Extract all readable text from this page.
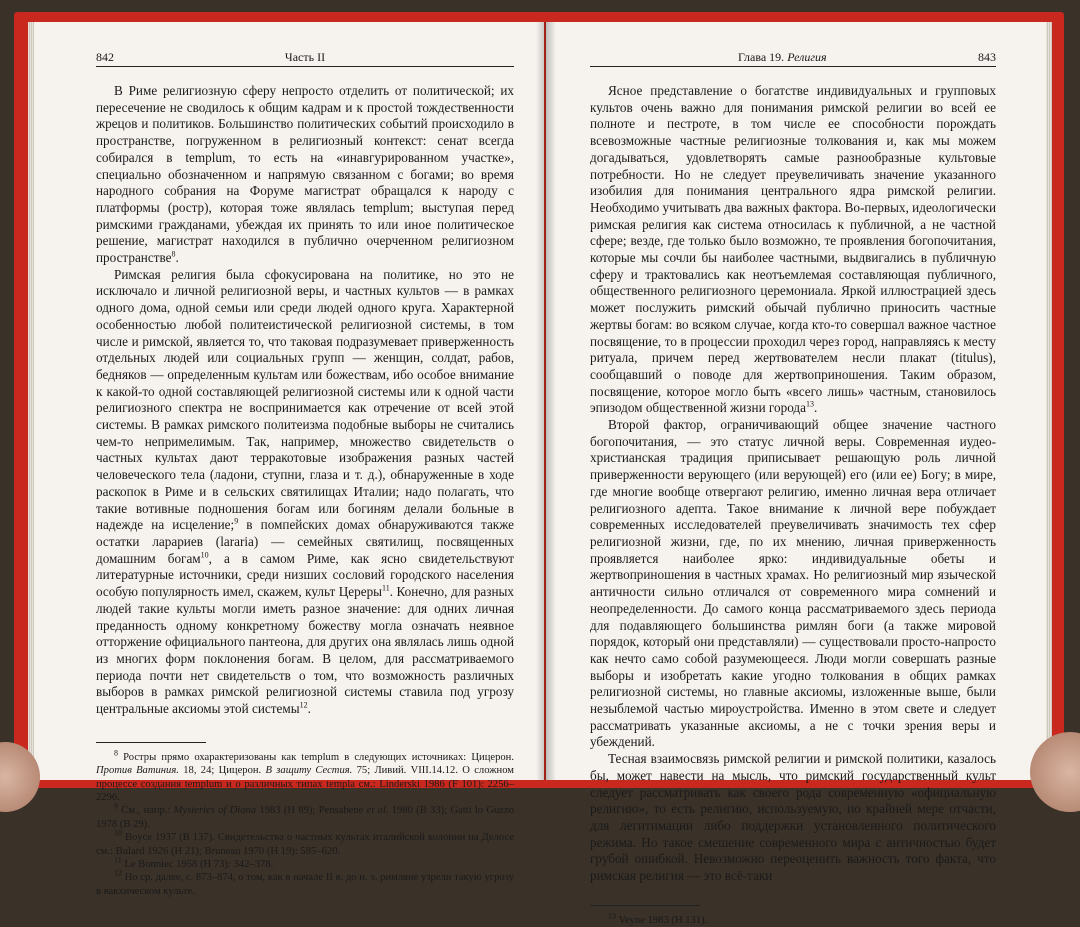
842	Часть II

В Риме религиозную сферу непросто отделить от политической; их пересечение не сводилось к общим кадрам и к простой тождественности жрецов и политиков. Большинство политических событий происходило в пространстве, погруженном в религиозный контекст: сенат всегда собирался в templum, то есть на «инавгурированном участке», специально обозначенном и напрямую связанном с богами; во время народного собрания на Форуме магистрат обращался к народу с платформы (ростр), которая тоже являлась templum; выступая перед римскими гражданами, убеждая их принять то или иное политическое решение, магистрат находился в публично очерченном религиозном пространстве$^8$.

Римская религия была сфокусирована на политике, но это не исключало и личной религиозной веры, и частных культов — в рамках одного дома, одной семьи или среди людей одного круга. Характерной особенностью любой политеистической религиозной системы, в том числе и римской, является то, что таковая подразумевает приверженность отдельных людей или социальных групп — женщин, солдат, рабов, бедняков — определенным культам или божествам, ибо особое внимание к какой-то одной составляющей религиозной системы или к одной части религиозного спектра не воспринимается как отречение от всей этой системы. В рамках римского политеизма подобные выборы не считались чем-то непримелимым. Так, например, множество свидетельств о частных культах дают терракотовые изображения разных частей человеческого тела (ладони, ступни, глаза и т. д.), обнаруженные в ходе раскопок в Риме и в сельских святилищах Италии; надо полагать, что такие вотивные подношения богам или богиням делали больные в надежде на исцеление;$^9$ в помпейских домах обнаруживаются также остатки ларариев (lararia) — семейных святилищ, посвященных домашним богам$^{10}$, а в самом Риме, как ясно свидетельствуют литературные источники, среди низших сословий городского населения особую популярность имел, скажем, культ Цереры$^{11}$. Конечно, для разных людей такие культы могли иметь разное значение: для одних личная преданность одному конкретному божеству могла означать неявное отторжение официального пантеона, для других она являлась лишь одной из многих форм поклонения богам. В целом, для рассматриваемого периода почти нет свидетельств о том, что возможность различных выборов в рамках римской религиозной системы ставила под угрозу центральные аксиомы этой системы$^{12}$.

$^8$ Ростры прямо охарактеризованы как templum в следующих источниках: Цицерон. Против Ватиния. 18, 24; Цицерон. В защиту Сестия. 75; Ливий. VIII.14.12. О сложном процессе создания templum и о различных типах templa см.: Linderski 1986 (F 101): 2256–2296.

$^9$ См., напр.: Mysteries of Diana 1983 (H 89); Pensabene et al. 1980 (B 33); Gatti lo Guzzo 1978 (B 29).

$^{10}$ Boyce 1937 (B 137). Свидетельства о частных культах италийской колонии на Делосе см.: Bulard 1926 (H 21); Bruneau 1970 (H 19): 585–620.

$^{11}$ Le Bonniec 1958 (H 73): 342–378.

$^{12}$ Но ср. далее, с. 873–874, о том, как в начале II в. до н. э. римляне узрели такую угрозу в вакхическом культе.

Глава 19. Религия	843

Ясное представление о богатстве индивидуальных и групповых культов очень важно для понимания римской религии во всей ее полноте и пестроте, в том числе ее способности порождать всевозможные частные религиозные толкования и, как мы можем догадываться, удовлетворять самые разнообразные культовые потребности. Но не следует преувеличивать значение указанного изобилия для понимания центрального ядра римской религии. Необходимо учитывать два важных фактора. Во-первых, идеологически римская религия как система относилась к публичной, а не частной сфере; везде, где только было возможно, те проявления богопочитания, которые мы сочли бы наиболее частными, выдвигались в публичную сферу и трактовались как неотъемлемая составляющая публичного, общественного религиозного церемониала. Яркой иллюстрацией здесь может послужить римский обычай публично приносить частные жертвы богам: во всяком случае, когда кто-то совершал важное частное посвящение, то в процессии проходил через город, направляясь к месту ритуала, причем перед жертвователем несли плакат (titulus), сообщавший о поводе для жертвоприношения. Таким образом, посвящение, которое могло быть «всего лишь» частным, становилось эпизодом общественной жизни города$^{13}$.

Второй фактор, ограничивающий общее значение частного богопочитания, — это статус личной веры. Современная иудео-христианская традиция приписывает решающую роль личной приверженности верующего (или верующей) его (или ее) Богу; в мире, где многие вообще отвергают религию, именно личная вера отличает религиозного адепта. Такое внимание к личной вере побуждает современных исследователей преувеличивать значимость тех сфер религиозной жизни, где, по их мнению, личная приверженность проявляется наиболее ярко: индивидуальные обеты и жертвоприношения в частных храмах. Но религиозный мир языческой античности сильно отличался от современного мира сомнений и неопределенности. До самого конца рассматриваемого здесь периода для подавляющего большинства римлян боги (а также мировой порядок, который они представляли) — существовали просто-напросто как нечто само собой разумеющееся. Люди могли совершать разные выборы и изобретать какие угодно толкования в общих рамках религиозной системы, но главные аксиомы, изложенные выше, были незыблемой частью мироустройства. Именно в этом свете и следует рассматривать указанные аксиомы, а не с точки зрения веры и убеждений.

Тесная взаимосвязь римской религии и римской политики, казалось бы, может навести на мысль, что римский государственный культ следует рассматривать как своего рода современную «официальную религию», то есть религию, используемую, по крайней мере отчасти, для легитимации либо поддержки установленного политического режима. Но такое смешение современного мира с античностью будет грубой ошибкой. Невозможно переоценить важность того факта, что римская религия — это всё-таки

$^{13}$ Veyne 1983 (H 131).
